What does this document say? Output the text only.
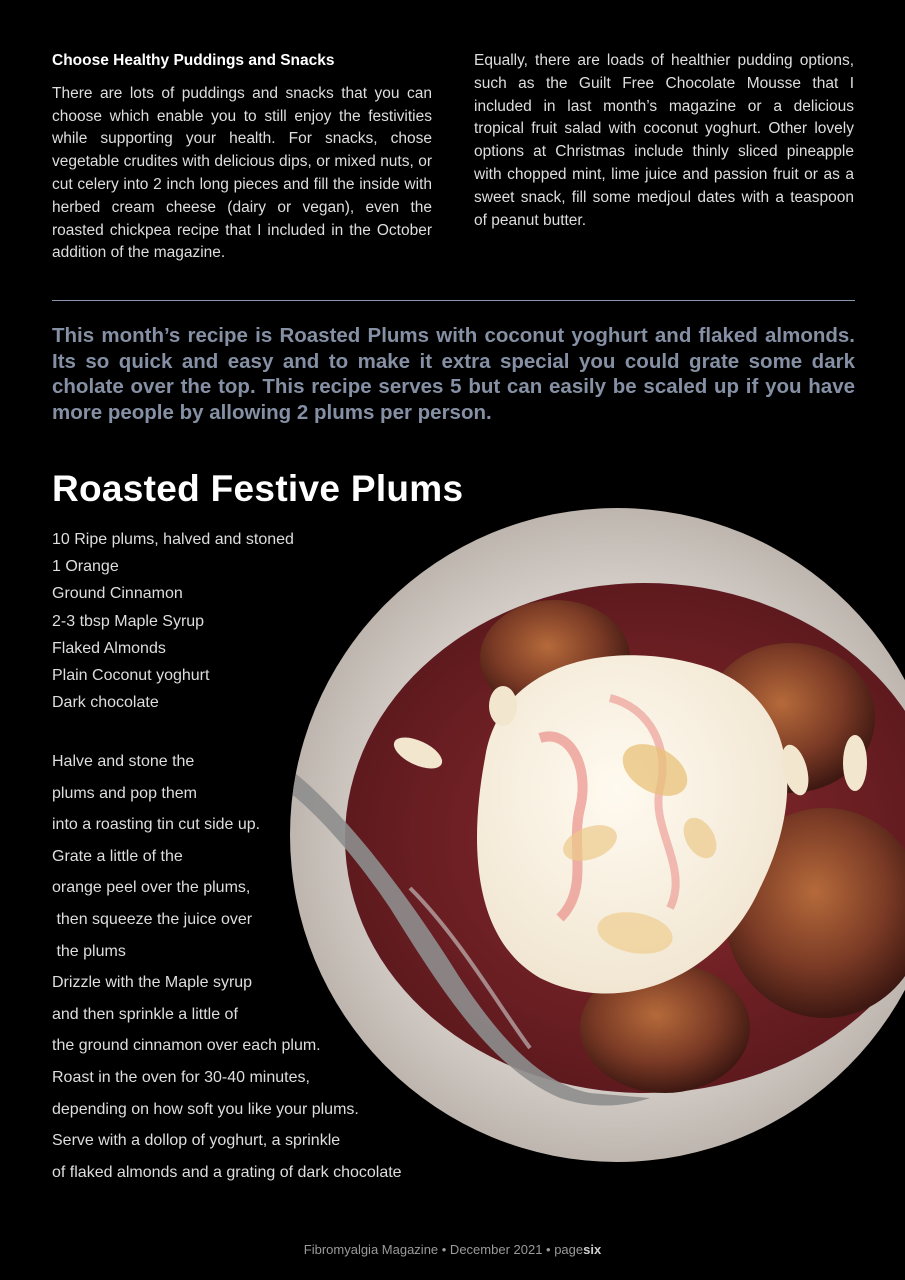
Choose Healthy Puddings and Snacks

There are lots of puddings and snacks that you can choose which enable you to still enjoy the festivities while supporting your health. For snacks, chose vegetable crudites with delicious dips, or mixed nuts, or cut celery into 2 inch long pieces and fill the inside with herbed cream cheese (dairy or vegan), even the roasted chickpea recipe that I included in the October addition of the magazine.

Equally, there are loads of healthier pudding options, such as the Guilt Free Chocolate Mousse that I included in last month’s magazine or a delicious tropical fruit salad with coconut yoghurt. Other lovely options at Christmas include thinly sliced pineapple with chopped mint, lime juice and passion fruit or as a sweet snack, fill some medjoul dates with a teaspoon of peanut butter.

This month’s recipe is Roasted Plums with coconut yoghurt and flaked almonds. Its so quick and easy and to make it extra special you could grate some dark cholate over the top. This recipe serves 5 but can easily be scaled up if you have more people by allowing 2 plums per person.

Roasted Festive Plums
10 Ripe plums, halved and stoned
1 Orange
Ground Cinnamon
2-3 tbsp Maple Syrup
Flaked Almonds
Plain Coconut yoghurt
Dark chocolate
Halve and stone the
plums and pop them
into a roasting tin cut side up.
Grate a little of the
orange peel over the plums,
then squeeze the juice over
the plums
Drizzle with the Maple syrup
and then sprinkle a little of
the ground cinnamon over each plum.
Roast in the oven for 30-40 minutes,
depending on how soft you like your plums.
Serve with a dollop of yoghurt, a sprinkle
of flaked almonds and a grating of dark chocolate
Fibromyalgia Magazine • December 2021 • pagesix
